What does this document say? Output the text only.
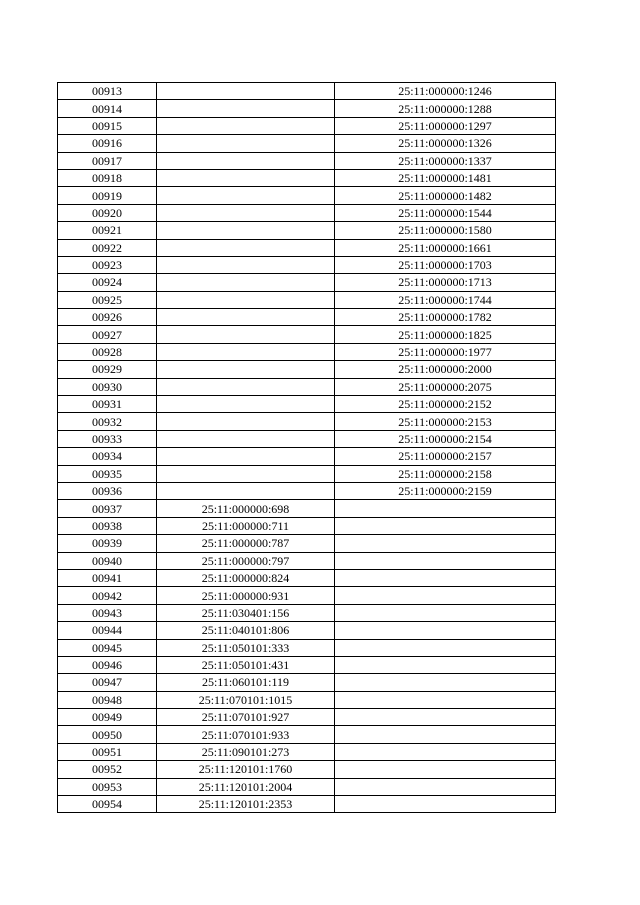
00913		25:11:000000:1246
00914		25:11:000000:1288
00915		25:11:000000:1297
00916		25:11:000000:1326
00917		25:11:000000:1337
00918		25:11:000000:1481
00919		25:11:000000:1482
00920		25:11:000000:1544
00921		25:11:000000:1580
00922		25:11:000000:1661
00923		25:11:000000:1703
00924		25:11:000000:1713
00925		25:11:000000:1744
00926		25:11:000000:1782
00927		25:11:000000:1825
00928		25:11:000000:1977
00929		25:11:000000:2000
00930		25:11:000000:2075
00931		25:11:000000:2152
00932		25:11:000000:2153
00933		25:11:000000:2154
00934		25:11:000000:2157
00935		25:11:000000:2158
00936		25:11:000000:2159
00937	25:11:000000:698	
00938	25:11:000000:711	
00939	25:11:000000:787	
00940	25:11:000000:797	
00941	25:11:000000:824	
00942	25:11:000000:931	
00943	25:11:030401:156	
00944	25:11:040101:806	
00945	25:11:050101:333	
00946	25:11:050101:431	
00947	25:11:060101:119	
00948	25:11:070101:1015	
00949	25:11:070101:927	
00950	25:11:070101:933	
00951	25:11:090101:273	
00952	25:11:120101:1760	
00953	25:11:120101:2004	
00954	25:11:120101:2353	
